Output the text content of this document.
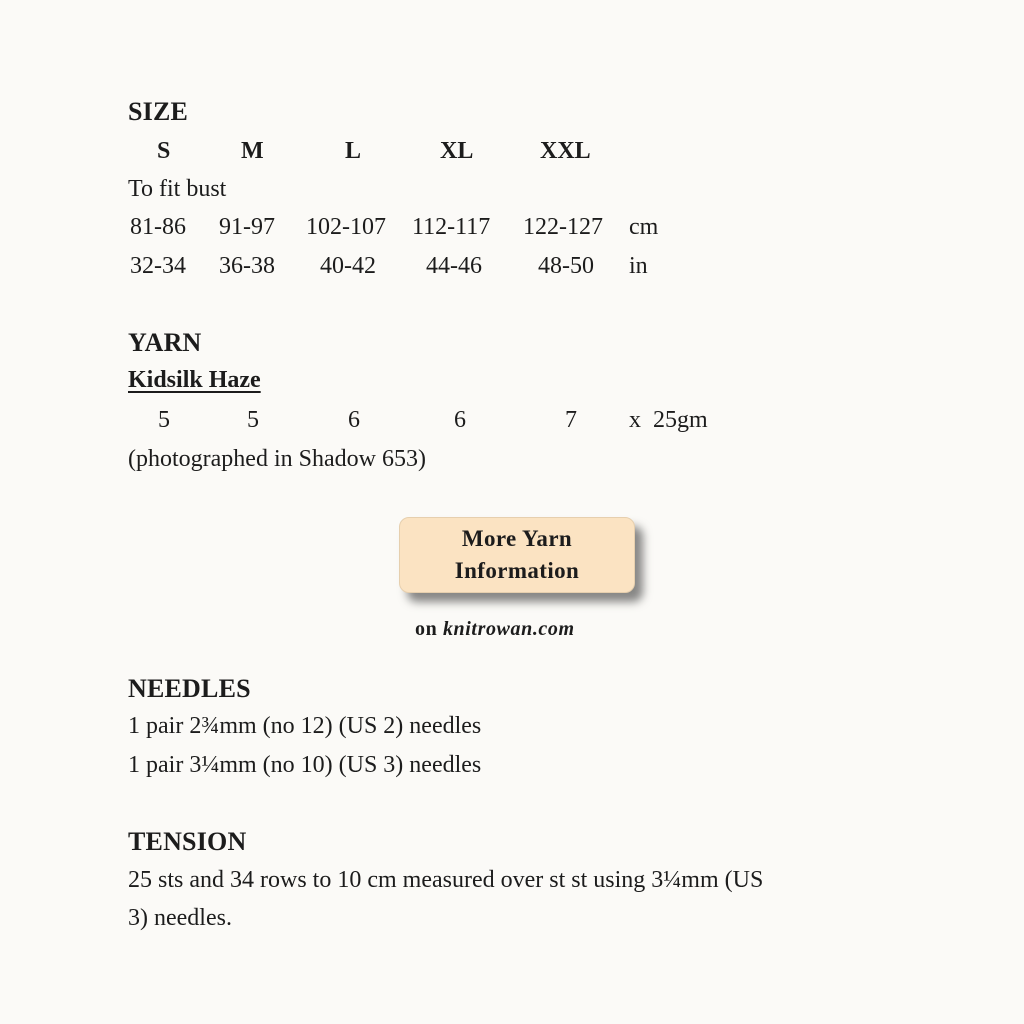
SIZE
S	M	L	XL	XXL
To fit bust
81-86 91-97 102-107 112-117 122-127 cm
32-34 36-38 40-42 44-46 48-50 in
YARN
Kidsilk Haze
5	5	6	6	7 x  25gm
(photographed in Shadow 653)
More Yarn
Information
on knitrowan.com
NEEDLES
1 pair 2¾mm (no 12) (US 2) needles
1 pair 3¼mm (no 10) (US 3) needles
TENSION
25 sts and 34 rows to 10 cm measured over st st using 3¼mm (US
3) needles.
